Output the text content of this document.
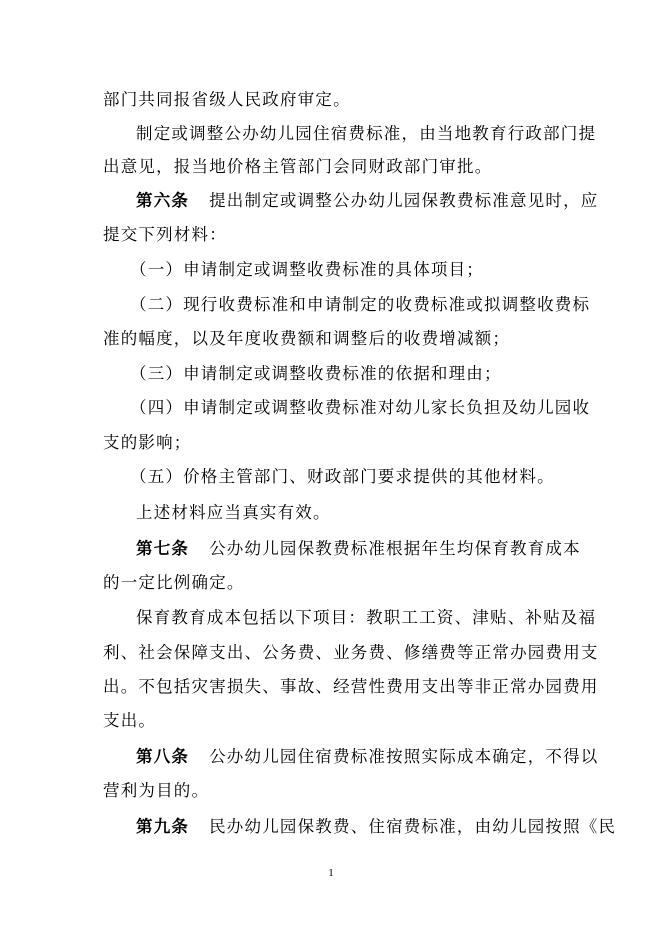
部门共同报省级人民政府审定。
制定或调整公办幼儿园住宿费标准，由当地教育行政部门提
出意见，报当地价格主管部门会同财政部门审批。
第六条 提出制定或调整公办幼儿园保教费标准意见时，应
提交下列材料：
（一）申请制定或调整收费标准的具体项目；
（二）现行收费标准和申请制定的收费标准或拟调整收费标
准的幅度，以及年度收费额和调整后的收费增减额；
（三）申请制定或调整收费标准的依据和理由；
（四）申请制定或调整收费标准对幼儿家长负担及幼儿园收
支的影响；
（五）价格主管部门、财政部门要求提供的其他材料。
上述材料应当真实有效。
第七条 公办幼儿园保教费标准根据年生均保育教育成本
的一定比例确定。
保育教育成本包括以下项目：教职工工资、津贴、补贴及福
利、社会保障支出、公务费、业务费、修缮费等正常办园费用支
出。不包括灾害损失、事故、经营性费用支出等非正常办园费用
支出。
第八条 公办幼儿园住宿费标准按照实际成本确定，不得以
营利为目的。
第九条 民办幼儿园保教费、住宿费标准，由幼儿园按照《民
1
